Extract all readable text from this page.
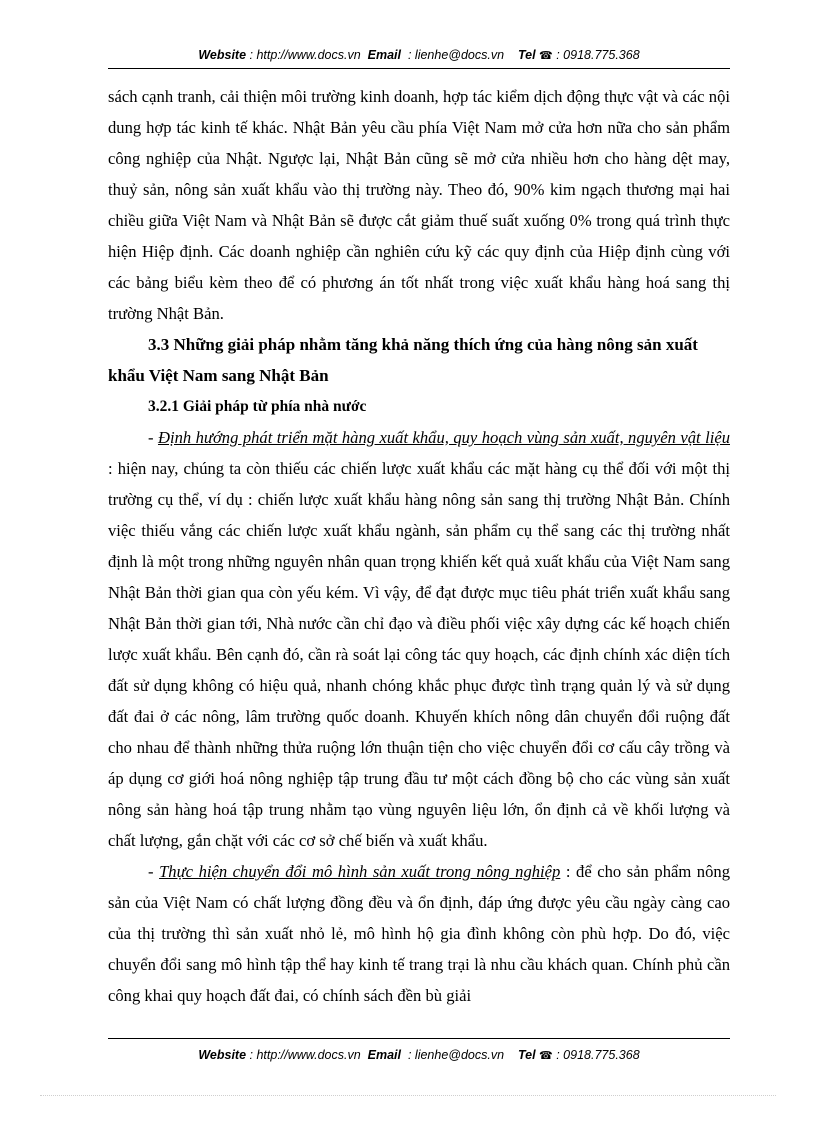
Website : http://www.docs.vn Email : lienhe@docs.vn Tel ☎ : 0918.775.368

sách cạnh tranh, cải thiện môi trường kinh doanh, hợp tác kiểm dịch động thực vật và các nội dung hợp tác kinh tế khác. Nhật Bản yêu cầu phía Việt Nam mở cửa hơn nữa cho sản phẩm công nghiệp của Nhật. Ngược lại, Nhật Bản cũng sẽ mở cửa nhiều hơn cho hàng dệt may, thuỷ sản, nông sản xuất khẩu vào thị trường này. Theo đó, 90% kim ngạch thương mại hai chiều giữa Việt Nam và Nhật Bản sẽ được cắt giảm thuế suất xuống 0% trong quá trình thực hiện Hiệp định. Các doanh nghiệp cần nghiên cứu kỹ các quy định của Hiệp định cùng với các bảng biểu kèm theo để có phương án tốt nhất trong việc xuất khẩu hàng hoá sang thị trường Nhật Bản.

3.3 Những giải pháp nhằm tăng khả năng thích ứng của hàng nông sản xuất khẩu Việt Nam sang Nhật Bản

3.2.1 Giải pháp từ phía nhà nước

- Định hướng phát triển mặt hàng xuất khẩu, quy hoạch vùng sản xuất, nguyên vật liệu : hiện nay, chúng ta còn thiếu các chiến lược xuất khẩu các mặt hàng cụ thể đối với một thị trường cụ thể, ví dụ : chiến lược xuất khẩu hàng nông sản sang thị trường Nhật Bản. Chính việc thiếu vắng các chiến lược xuất khẩu ngành, sản phẩm cụ thể sang các thị trường nhất định là một trong những nguyên nhân quan trọng khiến kết quả xuất khẩu của Việt Nam sang Nhật Bản thời gian qua còn yếu kém. Vì vậy, để đạt được mục tiêu phát triển xuất khẩu sang Nhật Bản thời gian tới, Nhà nước cần chỉ đạo và điều phối việc xây dựng các kế hoạch chiến lược xuất khẩu. Bên cạnh đó, cần rà soát lại công tác quy hoạch, các định chính xác diện tích đất sử dụng không có hiệu quả, nhanh chóng khắc phục được tình trạng quản lý và sử dụng đất đai ở các nông, lâm trường quốc doanh. Khuyến khích nông dân chuyển đổi ruộng đất cho nhau để thành những thửa ruộng lớn thuận tiện cho việc chuyển đổi cơ cấu cây trồng và áp dụng cơ giới hoá nông nghiệp tập trung đầu tư một cách đồng bộ cho các vùng sản xuất nông sản hàng hoá tập trung nhằm tạo vùng nguyên liệu lớn, ổn định cả về khối lượng và chất lượng, gắn chặt với các cơ sở chế biến và xuất khẩu.

- Thực hiện chuyển đổi mô hình sản xuất trong nông nghiệp : để cho sản phẩm nông sản của Việt Nam có chất lượng đồng đều và ổn định, đáp ứng được yêu cầu ngày càng cao của thị trường thì sản xuất nhỏ lẻ, mô hình hộ gia đình không còn phù hợp. Do đó, việc chuyển đổi sang mô hình tập thể hay kinh tế trang trại là nhu cầu khách quan. Chính phủ cần công khai quy hoạch đất đai, có chính sách đền bù giải

Website : http://www.docs.vn Email : lienhe@docs.vn Tel ☎ : 0918.775.368
